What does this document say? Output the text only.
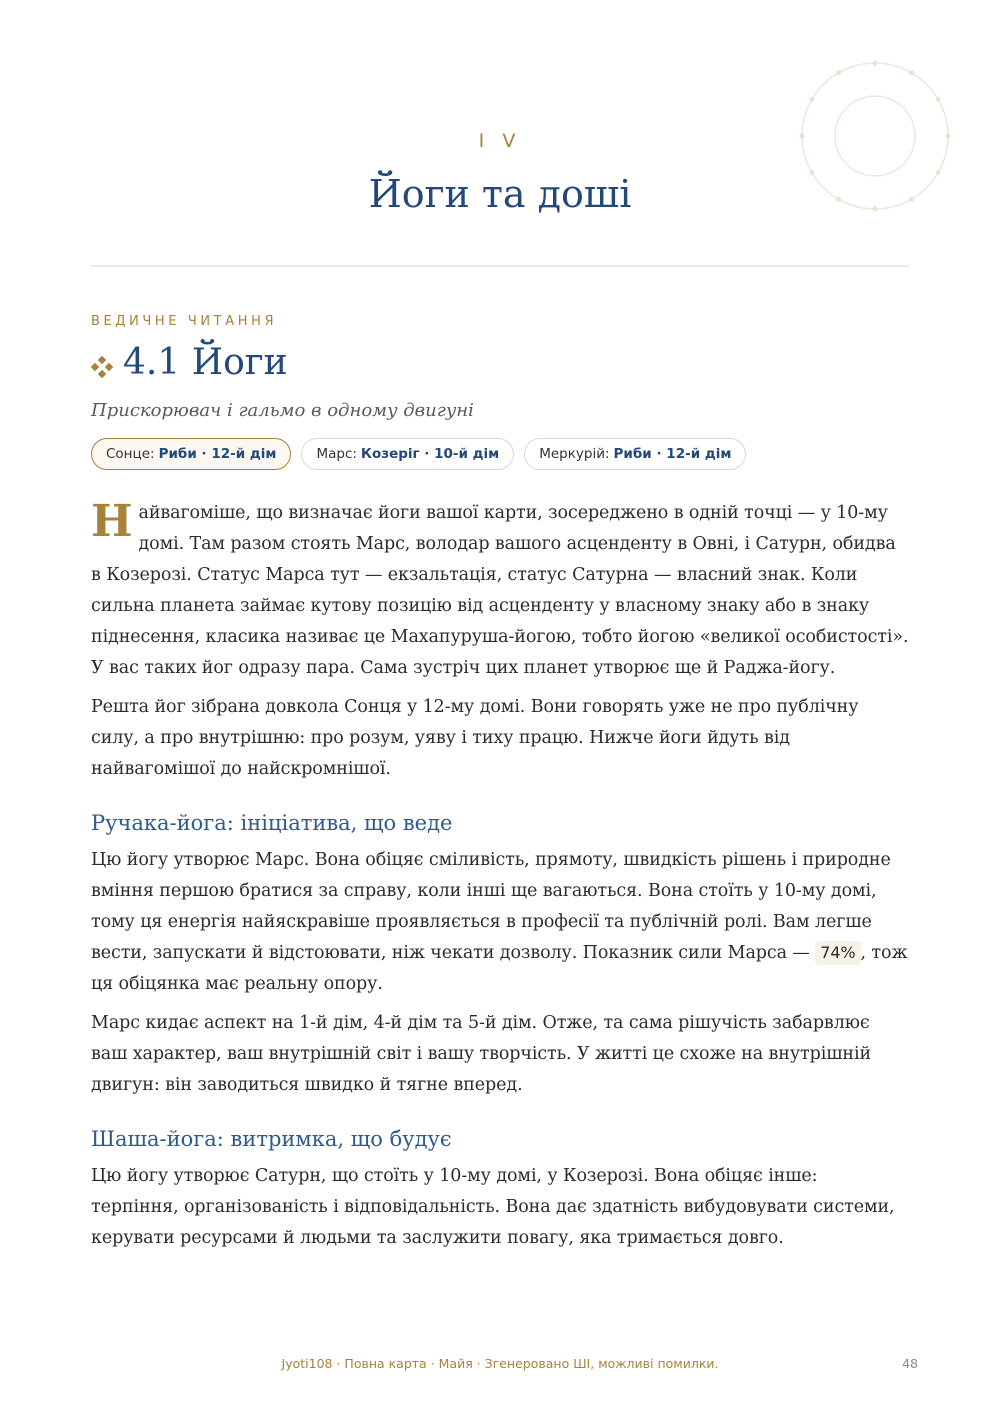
I V
Йоги та доші
ВЕДИЧНЕ ЧИТАННЯ
4.1 Йоги
Прискорювач і гальмо в одному двигуні
Сонце: Риби · 12-й дім	Марс: Козеріг · 10-й дім	Меркурій: Риби · 12-й дім

Найвагоміше, що визначає йоги вашої карти, зосереджено в одній точці — у 10-му домі. Там разом стоять Марс, володар вашого асценденту в Овні, і Сатурн, обидва в Козерозі. Статус Марса тут — екзальтація, статус Сатурна — власний знак. Коли сильна планета займає кутову позицію від асценденту у власному знаку або в знаку піднесення, класика називає це Махапуруша-йогою, тобто йогою «великої особистості». У вас таких йог одразу пара. Сама зустріч цих планет утворює ще й Раджа-йогу.

Решта йог зібрана довкола Сонця у 12-му домі. Вони говорять уже не про публічну силу, а про внутрішню: про розум, уяву і тиху працю. Нижче йоги йдуть від найвагомішої до найскромнішої.

Ручака-йога: ініціатива, що веде

Цю йогу утворює Марс. Вона обіцяє сміливість, прямоту, швидкість рішень і природне вміння першою братися за справу, коли інші ще вагаються. Вона стоїть у 10-му домі, тому ця енергія найяскравіше проявляється в професії та публічній ролі. Вам легше вести, запускати й відстоювати, ніж чекати дозволу. Показник сили Марса — 74% , тож ця обіцянка має реальну опору.

Марс кидає аспект на 1-й дім, 4-й дім та 5-й дім. Отже, та сама рішучість забарвлює ваш характер, ваш внутрішній світ і вашу творчість. У житті це схоже на внутрішній двигун: він заводиться швидко й тягне вперед.

Шаша-йога: витримка, що будує

Цю йогу утворює Сатурн, що стоїть у 10-му домі, у Козерозі. Вона обіцяє інше: терпіння, організованість і відповідальність. Вона дає здатність вибудовувати системи, керувати ресурсами й людьми та заслужити повагу, яка тримається довго.

Jyoti108 · Повна карта · Майя · Згенеровано ШІ, можливі помилки.	48
